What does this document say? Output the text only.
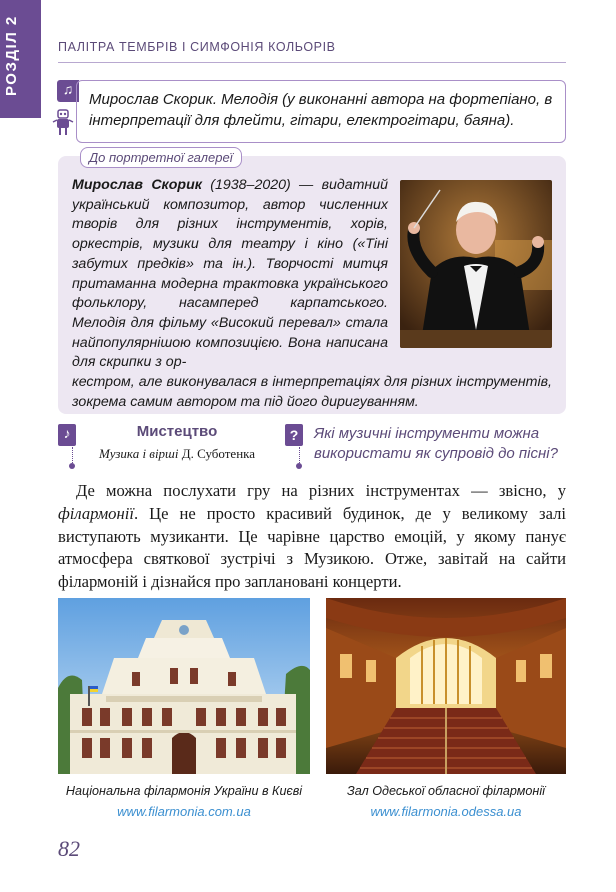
РОЗДІЛ 2	ПАЛІТРА ТЕМБРІВ І СИМФОНІЯ КОЛЬОРІВ
♫
Мирослав Скорик. Мелодія (у виконанні автора на фортепіано, в інтерпретації для флейти, гітари, електрогітари, баяна).
До портретної галереї
Мирослав Скорик (1938–2020) — видатний український композитор, автор численних творів для різних інструментів, хорів, оркестрів, музики для театру і кіно («Тіні забутих предків» та ін.). Творчості митця притаманна модерна трактовка українського фольклору, насамперед карпатського. Мелодія для фільму «Високий перевал» стала найпопулярнішою композицією. Вона написана для скрипки з ор-
кестром, але виконувалася в інтерпретаціях для різних інструментів, зокрема самим автором та під його диригуванням.
♪	Мистецтво
Музика і вірші Д. Суботенка
?	Які музичні інструменти можна використати як супровід до пісні?
Де можна послухати гру на різних інструментах — звісно, у філармонії. Це не просто красивий будинок, де у великому залі виступають музиканти. Це чарівне царство емоцій, у якому панує атмосфера святкової зустрічі з Музикою. Отже, завітай на сайти філармоній і дізнайся про заплановані концерти.
Національна філармонія України в Києві	Зал Одеської обласної філармонії
www.filarmonia.com.ua	www.filarmonia.odessa.ua
82
